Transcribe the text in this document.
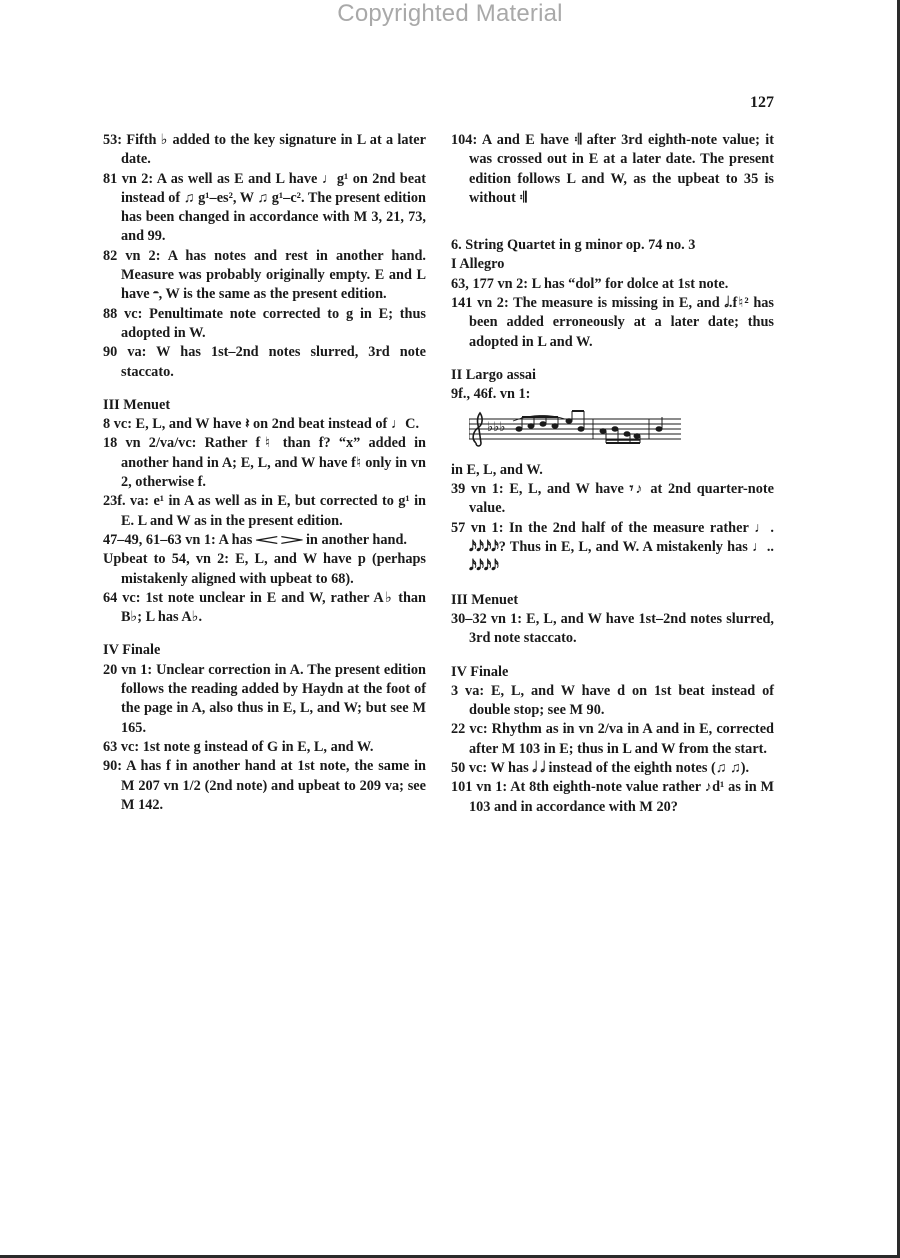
Copyrighted Material
127

53: Fifth ♭ added to the key signature in L at a later date.

81 vn 2: A as well as E and L have ♩g¹ on 2nd beat instead of ♫ g¹–es², W ♫ g¹–c². The present edition has been changed in accordance with M 3, 21, 73, and 99.

82 vn 2: A has notes and rest in another hand. Measure was probably originally empty. E and L have 𝄼, W is the same as the present edition.

88 vc: Penultimate note corrected to g in E; thus adopted in W.

90 va: W has 1st–2nd notes slurred, 3rd note staccato.

III Menuet

8 vc: E, L, and W have 𝄽 on 2nd beat instead of ♩C.

18 vn 2/va/vc: Rather f♮ than f? “x” added in another hand in A; E, L, and W have f♮ only in vn 2, otherwise f.

23f. va: e¹ in A as well as in E, but corrected to g¹ in E. L and W as in the present edition.

47–49, 61–63 vn 1: A has 𝆒 𝆓 in another hand.

Upbeat to 54, vn 2: E, L, and W have p (perhaps mistakenly aligned with upbeat to 68).

64 vc: 1st note unclear in E and W, rather A♭ than B♭; L has A♭.

IV Finale

20 vn 1: Unclear correction in A. The present edition follows the reading added by Haydn at the foot of the page in A, also thus in E, L, and W; but see M 165.

63 vc: 1st note g instead of G in E, L, and W.

90: A has f in another hand at 1st note, the same in M 207 vn 1/2 (2nd note) and upbeat to 209 va; see M 142.

104: A and E have 𝄇 after 3rd eighth-note value; it was crossed out in E at a later date. The present edition follows L and W, as the upbeat to 35 is without 𝄇

6. String Quartet in g minor op. 74 no. 3

I Allegro

63, 177 vn 2: L has “dol” for dolce at 1st note.

141 vn 2: The measure is missing in E, and 𝅗𝅥.f♮² has been added erroneously at a later date; thus adopted in L and W.

II Largo assai

9f., 46f. vn 1:

♭♭♭

in E, L, and W.

39 vn 1: E, L, and W have 𝄾♪ at 2nd quarter-note value.

57 vn 1: In the 2nd half of the measure rather ♩. 𝅘𝅥𝅯𝅘𝅥𝅯𝅘𝅥𝅯𝅘𝅥𝅯? Thus in E, L, and W. A mistakenly has ♩.. 𝅘𝅥𝅯𝅘𝅥𝅯𝅘𝅥𝅯𝅘𝅥𝅯

III Menuet

30–32 vn 1: E, L, and W have 1st–2nd notes slurred, 3rd note staccato.

IV Finale

3 va: E, L, and W have d on 1st beat instead of double stop; see M 90.

22 vc: Rhythm as in vn 2/va in A and in E, corrected after M 103 in E; thus in L and W from the start.

50 vc: W has 𝅗𝅥 𝅗𝅥 instead of the eighth notes (♫ ♫).

101 vn 1: At 8th eighth-note value rather ♪d¹ as in M 103 and in accordance with M 20?
